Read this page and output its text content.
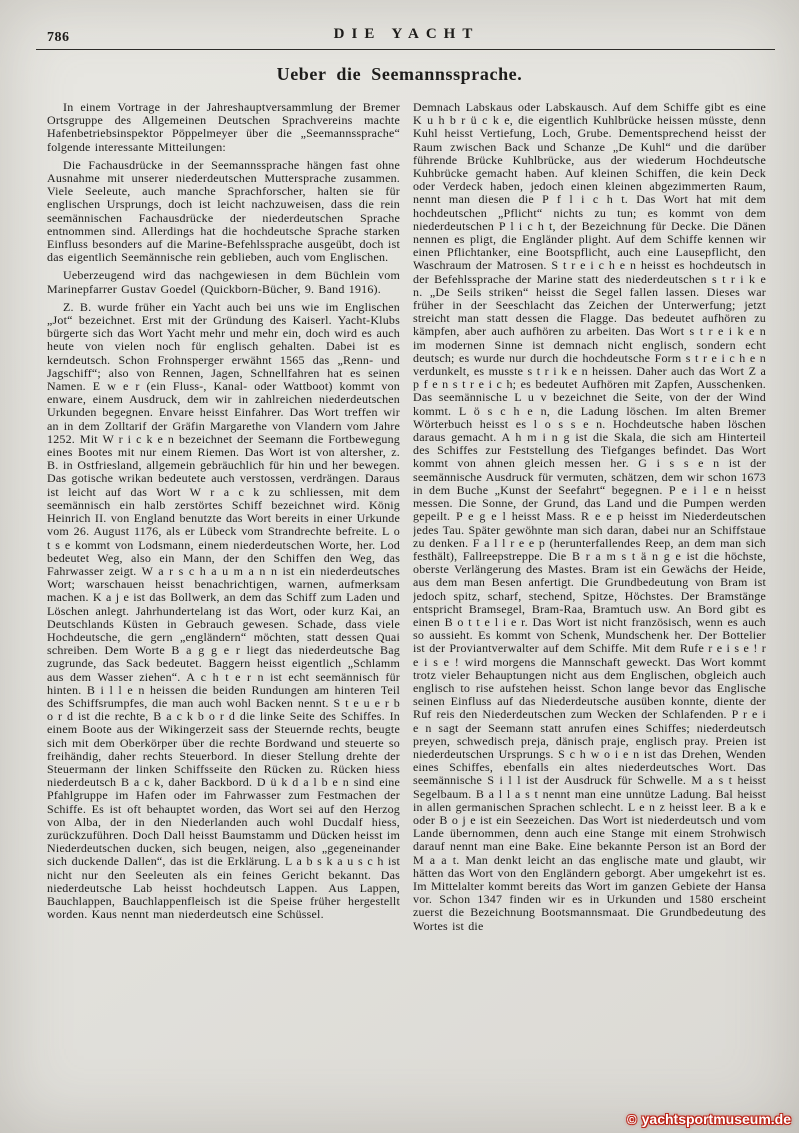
786	DIE YACHT
Ueber die Seemannssprache.

In einem Vortrage in der Jahreshauptversammlung der Bremer Ortsgruppe des Allgemeinen Deutschen Sprachvereins machte Hafenbetriebsinspektor Pöppelmeyer über die „Seemannssprache“ folgende interessante Mitteilungen:

Die Fachausdrücke in der Seemannssprache hängen fast ohne Ausnahme mit unserer niederdeutschen Muttersprache zusammen. Viele Seeleute, auch manche Sprachforscher, halten sie für englischen Ursprungs, doch ist leicht nachzuweisen, dass die rein seemännischen Fachausdrücke der niederdeutschen Sprache entnommen sind. Allerdings hat die hochdeutsche Sprache starken Einfluss besonders auf die Marine-Befehlssprache ausgeübt, doch ist das eigentlich Seemännische rein geblieben, auch vom Englischen.

Ueberzeugend wird das nachgewiesen in dem Büchlein vom Marinepfarrer Gustav Goedel (Quickborn-Bücher, 9. Band 1916).

Z. B. wurde früher ein Yacht auch bei uns wie im Englischen „Jot“ bezeichnet. Erst mit der Gründung des Kaiserl. Yacht-Klubs bürgerte sich das Wort Yacht mehr und mehr ein, doch wird es auch heute von vielen noch für englisch gehalten. Dabei ist es kerndeutsch. Schon Frohnsperger erwähnt 1565 das „Renn- und Jagschiff“; also von Rennen, Jagen, Schnellfahren hat es seinen Namen. E w e r (ein Fluss-, Kanal- oder Wattboot) kommt von enware, einem Ausdruck, dem wir in zahlreichen niederdeutschen Urkunden begegnen. Envare heisst Einfahrer. Das Wort treffen wir an in dem Zolltarif der Gräfin Margarethe von Vlandern vom Jahre 1252. Mit W r i c k e n bezeichnet der Seemann die Fortbewegung eines Bootes mit nur einem Riemen. Das Wort ist von altersher, z. B. in Ostfriesland, allgemein gebräuchlich für hin und her bewegen. Das gotische wrikan bedeutete auch verstossen, verdrängen. Daraus ist leicht auf das Wort W r a c k zu schliessen, mit dem seemännisch ein halb zerstörtes Schiff bezeichnet wird. König Heinrich II. von England benutzte das Wort bereits in einer Urkunde vom 26. August 1176, als er Lübeck vom Strandrechte befreite. L o t s e kommt von Lodsmann, einem niederdeutschen Worte, her. Lod bedeutet Weg, also ein Mann, der den Schiffen den Weg, das Fahrwasser zeigt. W a r s c h a u m a n n ist ein niederdeutsches Wort; warschauen heisst benachrichtigen, warnen, aufmerksam machen. K a j e ist das Bollwerk, an dem das Schiff zum Laden und Löschen anlegt. Jahrhundertelang ist das Wort, oder kurz Kai, an Deutschlands Küsten in Gebrauch gewesen. Schade, dass viele Hochdeutsche, die gern „engländern“ möchten, statt dessen Quai schreiben. Dem Worte B a g g e r liegt das niederdeutsche Bag zugrunde, das Sack bedeutet. Baggern heisst eigentlich „Schlamm aus dem Wasser ziehen“. A c h t e r n ist echt seemännisch für hinten. B i l l e n heissen die beiden Rundungen am hinteren Teil des Schiffsrumpfes, die man auch wohl Backen nennt. S t e u e r b o r d ist die rechte, B a c k b o r d die linke Seite des Schiffes. In einem Boote aus der Wikingerzeit sass der Steuernde rechts, beugte sich mit dem Oberkörper über die rechte Bordwand und steuerte so freihändig, daher rechts Steuerbord. In dieser Stellung drehte der Steuermann der linken Schiffsseite den Rücken zu. Rücken hiess niederdeutsch B a c k, daher Backbord. D ü k d a l b e n sind eine Pfahlgruppe im Hafen oder im Fahrwasser zum Festmachen der Schiffe. Es ist oft behauptet worden, das Wort sei auf den Herzog von Alba, der in den Niederlanden auch wohl Ducdalf hiess, zurückzuführen. Doch Dall heisst Baumstamm und Dücken heisst im Niederdeutschen ducken, sich beugen, neigen, also „gegeneinander sich duckende Dallen“, das ist die Erklärung. L a b s k a u s c h ist nicht nur den Seeleuten als ein feines Gericht bekannt. Das niederdeutsche Lab heisst hochdeutsch Lappen. Aus Lappen, Bauchlappen, Bauchlappenfleisch ist die Speise früher hergestellt worden. Kaus nennt man niederdeutsch eine Schüssel.

Demnach Labskaus oder Labskausch. Auf dem Schiffe gibt es eine K u h b r ü c k e, die eigentlich Kuhlbrücke heissen müsste, denn Kuhl heisst Vertiefung, Loch, Grube. Dementsprechend heisst der Raum zwischen Back und Schanze „De Kuhl“ und die darüber führende Brücke Kuhlbrücke, aus der wiederum Hochdeutsche Kuhbrücke gemacht haben. Auf kleinen Schiffen, die kein Deck oder Verdeck haben, jedoch einen kleinen abgezimmerten Raum, nennt man diesen die P f l i c h t. Das Wort hat mit dem hochdeutschen „Pflicht“ nichts zu tun; es kommt von dem niederdeutschen P l i c h t, der Bezeichnung für Decke. Die Dänen nennen es pligt, die Engländer plight. Auf dem Schiffe kennen wir einen Pflichtanker, eine Bootspflicht, auch eine Lausepflicht, den Waschraum der Matrosen. S t r e i c h e n heisst es hochdeutsch in der Befehlssprache der Marine statt des niederdeutschen s t r i k e n. „De Seils striken“ heisst die Segel fallen lassen. Dieses war früher in der Seeschlacht das Zeichen der Unterwerfung; jetzt streicht man statt dessen die Flagge. Das bedeutet aufhören zu kämpfen, aber auch aufhören zu arbeiten. Das Wort s t r e i k e n im modernen Sinne ist demnach nicht englisch, sondern echt deutsch; es wurde nur durch die hochdeutsche Form s t r e i c h e n verdunkelt, es musste s t r i k e n heissen. Daher auch das Wort Z a p f e n s t r e i c h; es bedeutet Aufhören mit Zapfen, Ausschenken. Das seemännische L u v bezeichnet die Seite, von der der Wind kommt. L ö s c h e n, die Ladung löschen. Im alten Bremer Wörterbuch heisst es l o s s e n. Hochdeutsche haben löschen daraus gemacht. A h m i n g ist die Skala, die sich am Hinterteil des Schiffes zur Feststellung des Tiefganges befindet. Das Wort kommt von ahnen gleich messen her. G i s s e n ist der seemännische Ausdruck für vermuten, schätzen, dem wir schon 1673 in dem Buche „Kunst der Seefahrt“ begegnen. P e i l e n heisst messen. Die Sonne, der Grund, das Land und die Pumpen werden gepeilt. P e g e l heisst Mass. R e e p heisst im Niederdeutschen jedes Tau. Später gewöhnte man sich daran, dabei nur an Schiffstaue zu denken. F a l l r e e p (herunterfallendes Reep, an dem man sich festhält), Fallreepstreppe. Die B r a m s t ä n g e ist die höchste, oberste Verlängerung des Mastes. Bram ist ein Gewächs der Heide, aus dem man Besen anfertigt. Die Grundbedeutung von Bram ist jedoch spitz, scharf, stechend, Spitze, Höchstes. Der Bramstänge entspricht Bramsegel, Bram-Raa, Bramtuch usw. An Bord gibt es einen B o t t e l i e r. Das Wort ist nicht französisch, wenn es auch so aussieht. Es kommt von Schenk, Mundschenk her. Der Bottelier ist der Proviantverwalter auf dem Schiffe. Mit dem Rufe r e i s e ! r e i s e ! wird morgens die Mannschaft geweckt. Das Wort kommt trotz vieler Behauptungen nicht aus dem Englischen, obgleich auch englisch to rise aufstehen heisst. Schon lange bevor das Englische seinen Einfluss auf das Niederdeutsche ausüben konnte, diente der Ruf reis den Niederdeutschen zum Wecken der Schlafenden. P r e i e n sagt der Seemann statt anrufen eines Schiffes; niederdeutsch preyen, schwedisch preja, dänisch praje, englisch pray. Preien ist niederdeutschen Ursprungs. S c h w o i e n ist das Drehen, Wenden eines Schiffes, ebenfalls ein altes niederdeutsches Wort. Das seemännische S i l l ist der Ausdruck für Schwelle. M a s t heisst Segelbaum. B a l l a s t nennt man eine unnütze Ladung. Bal heisst in allen germanischen Sprachen schlecht. L e n z heisst leer. B a k e oder B o j e ist ein Seezeichen. Das Wort ist niederdeutsch und vom Lande übernommen, denn auch eine Stange mit einem Strohwisch darauf nennt man eine Bake. Eine bekannte Person ist an Bord der M a a t. Man denkt leicht an das englische mate und glaubt, wir hätten das Wort von den Engländern geborgt. Aber umgekehrt ist es. Im Mittelalter kommt bereits das Wort im ganzen Gebiete der Hansa vor. Schon 1347 finden wir es in Urkunden und 1580 erscheint zuerst die Bezeichnung Bootsmannsmaat. Die Grundbedeutung des Wortes ist die

© yachtsportmuseum.de
